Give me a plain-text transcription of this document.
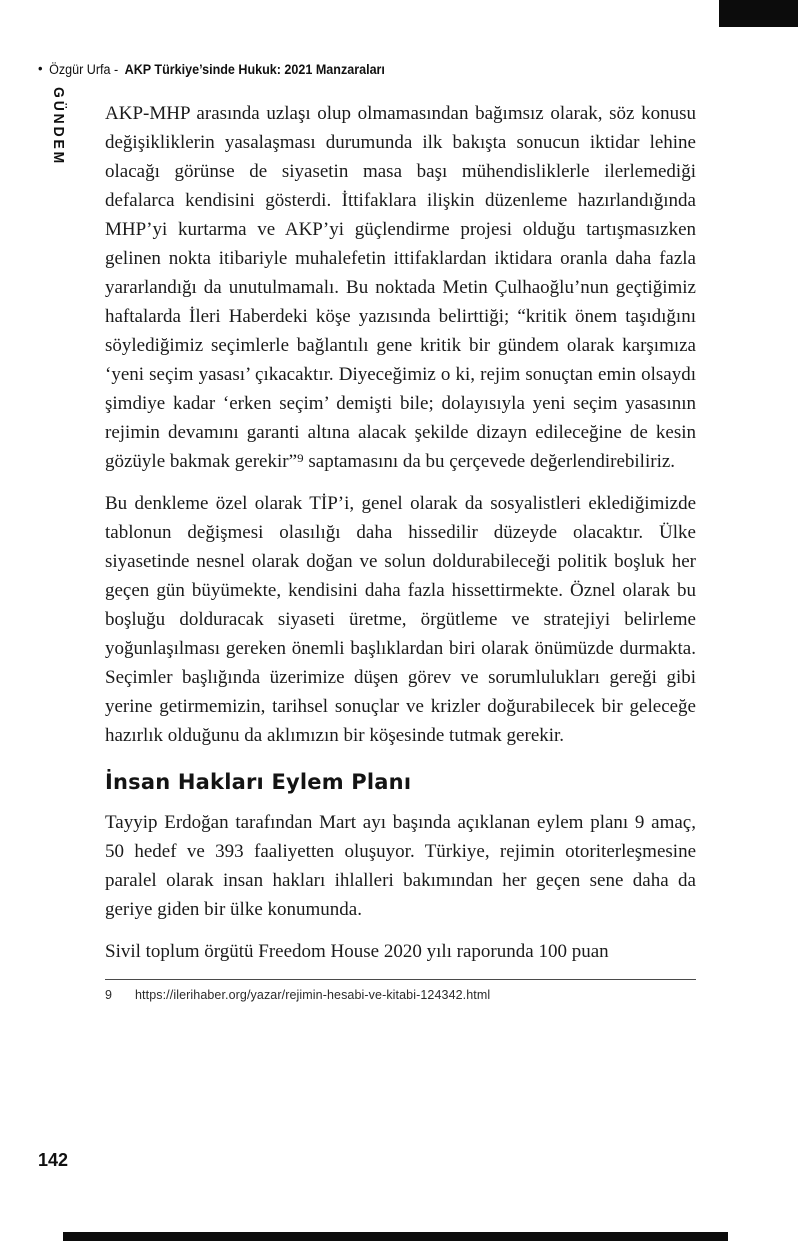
• Özgür Urfa - AKP Türkiye’sinde Hukuk: 2021 Manzaraları
GÜNDEM AKP-MHP arasında uzlaşı olup olmamasından bağımsız olarak, söz konusu değişikliklerin yasalaşması durumunda ilk bakışta sonucun iktidar lehine olacağı görünse de siyasetin masa başı mühendisliklerle ilerlemediği defalarca kendisini gösterdi. İttifaklara ilişkin düzenleme hazırlandığında MHP’yi kurtarma ve AKP’yi güçlendirme projesi olduğu tartışmasızken gelinen nokta itibariyle muhalefetin ittifaklardan iktidara oranla daha fazla yararlandığı da unutulmamalı. Bu noktada Metin Çulhaoğlu’nun geçtiğimiz haftalarda İleri Haberdeki köşe yazısında belirttiği; “kritik önem taşıdığını söylediğimiz seçimlerle bağlantılı gene kritik bir gündem olarak karşımıza ‘yeni seçim yasası’ çıkacaktır. Diyeceğimiz o ki, rejim sonuçtan emin olsaydı şimdiye kadar ‘erken seçim’ demişti bile; dolayısıyla yeni seçim yasasının rejimin devamını garanti altına alacak şekilde dizayn edileceğine de kesin gözüyle bakmak gerekir”⁹ saptamasını da bu çerçevede değerlendirebiliriz.

Bu denkleme özel olarak TİP’i, genel olarak da sosyalistleri eklediğimizde tablonun değişmesi olasılığı daha hissedilir düzeyde olacaktır. Ülke siyasetinde nesnel olarak doğan ve solun doldurabileceği politik boşluk her geçen gün büyümekte, kendisini daha fazla hissettirmekte. Öznel olarak bu boşluğu dolduracak siyaseti üretme, örgütleme ve stratejiyi belirleme yoğunlaşılması gereken önemli başlıklardan biri olarak önümüzde durmakta. Seçimler başlığında üzerimize düşen görev ve sorumlulukları gereği gibi yerine getirmemizin, tarihsel sonuçlar ve krizler doğurabilecek bir geleceğe hazırlık olduğunu da aklımızın bir köşesinde tutmak gerekir.

İnsan Hakları Eylem Planı

Tayyip Erdoğan tarafından Mart ayı başında açıklanan eylem planı 9 amaç, 50 hedef ve 393 faaliyetten oluşuyor. Türkiye, rejimin otoriterleşmesine paralel olarak insan hakları ihlalleri bakımından her geçen sene daha da geriye giden bir ülke konumunda.

Sivil toplum örgütü Freedom House 2020 yılı raporunda 100 puan

9	https://ilerihaber.org/yazar/rejimin-hesabi-ve-kitabi-124342.html
142
